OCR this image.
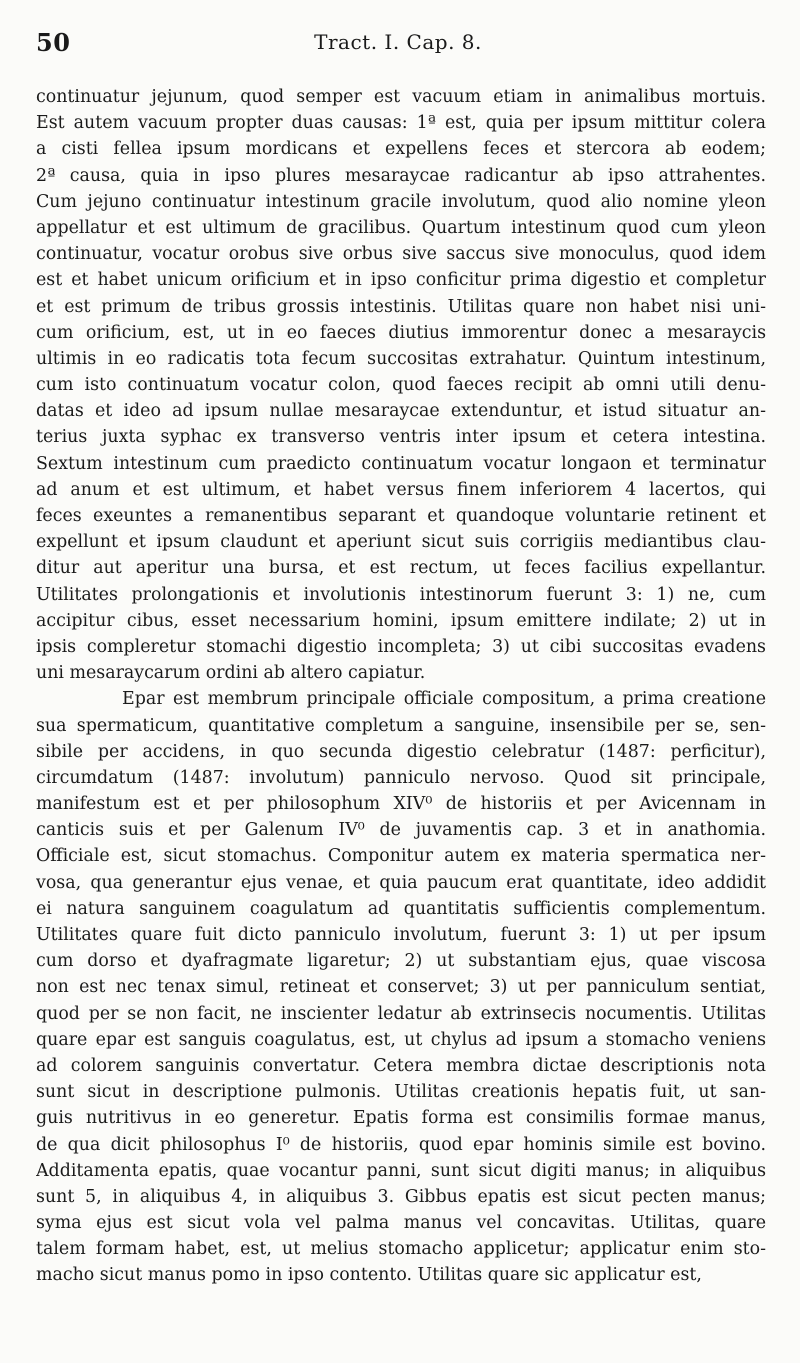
50	Tract. I. Cap. 8.
continuatur jejunum, quod semper est vacuum etiam in animalibus mortuis.
Est autem vacuum propter duas causas: 1ª est, quia per ipsum mittitur colera
a cisti fellea ipsum mordicans et expellens feces et stercora ab eodem;
2ª causa, quia in ipso plures mesaraycae radicantur ab ipso attrahentes.
Cum jejuno continuatur intestinum gracile involutum, quod alio nomine yleon
appellatur et est ultimum de gracilibus. Quartum intestinum quod cum yleon
continuatur, vocatur orobus sive orbus sive saccus sive monoculus, quod idem
est et habet unicum orificium et in ipso conficitur prima digestio et completur
et est primum de tribus grossis intestinis. Utilitas quare non habet nisi uni-
cum orificium, est, ut in eo faeces diutius immorentur donec a mesaraycis
ultimis in eo radicatis tota fecum succositas extrahatur. Quintum intestinum,
cum isto continuatum vocatur colon, quod faeces recipit ab omni utili denu-
datas et ideo ad ipsum nullae mesaraycae extenduntur, et istud situatur an-
terius juxta syphac ex transverso ventris inter ipsum et cetera intestina.
Sextum intestinum cum praedicto continuatum vocatur longaon et terminatur
ad anum et est ultimum, et habet versus finem inferiorem 4 lacertos, qui
feces exeuntes a remanentibus separant et quandoque voluntarie retinent et
expellunt et ipsum claudunt et aperiunt sicut suis corrigiis mediantibus clau-
ditur aut aperitur una bursa, et est rectum, ut feces facilius expellantur.
Utilitates prolongationis et involutionis intestinorum fuerunt 3: 1) ne, cum
accipitur cibus, esset necessarium homini, ipsum emittere indilate; 2) ut in
ipsis compleretur stomachi digestio incompleta; 3) ut cibi succositas evadens
uni mesaraycarum ordini ab altero capiatur.
Epar est membrum principale officiale compositum, a prima creatione
sua spermaticum, quantitative completum a sanguine, insensibile per se, sen-
sibile per accidens, in quo secunda digestio celebratur (1487: perficitur),
circumdatum (1487: involutum) panniculo nervoso. Quod sit principale,
manifestum est et per philosophum XIV⁰ de historiis et per Avicennam in
canticis suis et per Galenum IV⁰ de juvamentis cap. 3 et in anathomia.
Officiale est, sicut stomachus. Componitur autem ex materia spermatica ner-
vosa, qua generantur ejus venae, et quia paucum erat quantitate, ideo addidit
ei natura sanguinem coagulatum ad quantitatis sufficientis complementum.
Utilitates quare fuit dicto panniculo involutum, fuerunt 3: 1) ut per ipsum
cum dorso et dyafragmate ligaretur; 2) ut substantiam ejus, quae viscosa
non est nec tenax simul, retineat et conservet; 3) ut per panniculum sentiat,
quod per se non facit, ne inscienter ledatur ab extrinsecis nocumentis. Utilitas
quare epar est sanguis coagulatus, est, ut chylus ad ipsum a stomacho veniens
ad colorem sanguinis convertatur. Cetera membra dictae descriptionis nota
sunt sicut in descriptione pulmonis. Utilitas creationis hepatis fuit, ut san-
guis nutritivus in eo generetur. Epatis forma est consimilis formae manus,
de qua dicit philosophus I⁰ de historiis, quod epar hominis simile est bovino.
Additamenta epatis, quae vocantur panni, sunt sicut digiti manus; in aliquibus
sunt 5, in aliquibus 4, in aliquibus 3. Gibbus epatis est sicut pecten manus;
syma ejus est sicut vola vel palma manus vel concavitas. Utilitas, quare
talem formam habet, est, ut melius stomacho applicetur; applicatur enim sto-
macho sicut manus pomo in ipso contento. Utilitas quare sic applicatur est,
